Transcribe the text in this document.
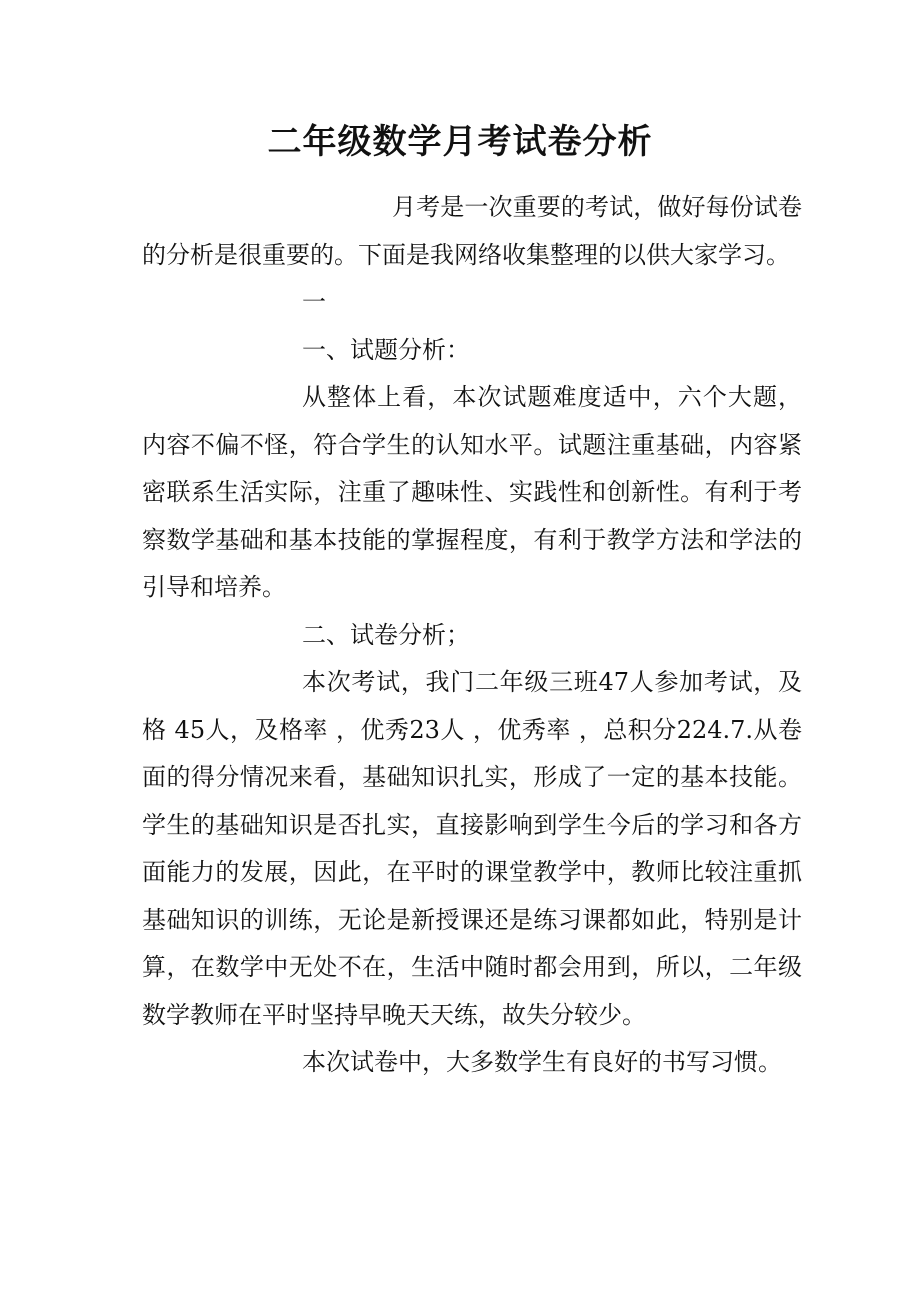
二年级数学月考试卷分析

月考是一次重要的考试，做好每份试卷的分析是很重要的。下面是我网络收集整理的以供大家学习。

一

一、试题分析：

从整体上看，本次试题难度适中，六个大题，内容不偏不怪，符合学生的认知水平。试题注重基础，内容紧密联系生活实际，注重了趣味性、实践性和创新性。有利于考察数学基础和基本技能的掌握程度，有利于教学方法和学法的引导和培养。

二、试卷分析；

本次考试，我门二年级三班47人参加考试，及格 45人，及格率 ，优秀23人 ，优秀率 ，总积分224.7.从卷面的得分情况来看，基础知识扎实，形成了一定的基本技能。学生的基础知识是否扎实，直接影响到学生今后的学习和各方面能力的发展，因此，在平时的课堂教学中，教师比较注重抓基础知识的训练，无论是新授课还是练习课都如此，特别是计算，在数学中无处不在，生活中随时都会用到，所以，二年级数学教师在平时坚持早晚天天练，故失分较少。

本次试卷中，大多数学生有良好的书写习惯。
